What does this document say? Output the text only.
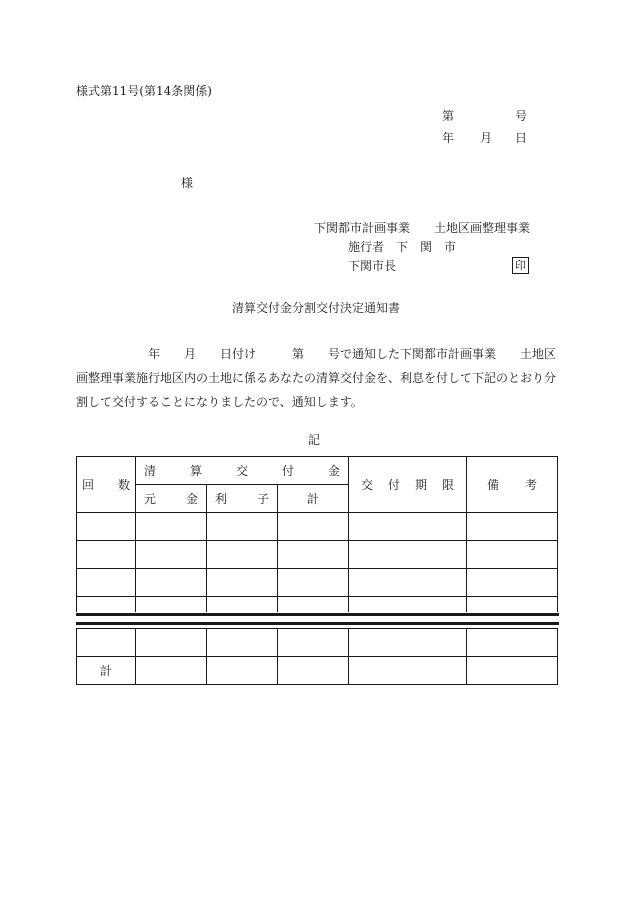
様式第11号(第14条関係)
第	号
年 月 日
様
下関都市計画事業　　土地区画整理事業
施行者　下　関　市
下関市長	印
清算交付金分割交付決定通知書
　　　　　　年　　月　　日付け　　　第　　号で通知した下関都市計画事業　　土地区
画整理事業施行地区内の土地に係るあなたの清算交付金を、利息を付して下記のとおり分
割して交付することになりましたので、通知します。
記
回　　数	清 算 交 付 金			交 付 期 限	備 考

	元 金	利 子	計		

計					
